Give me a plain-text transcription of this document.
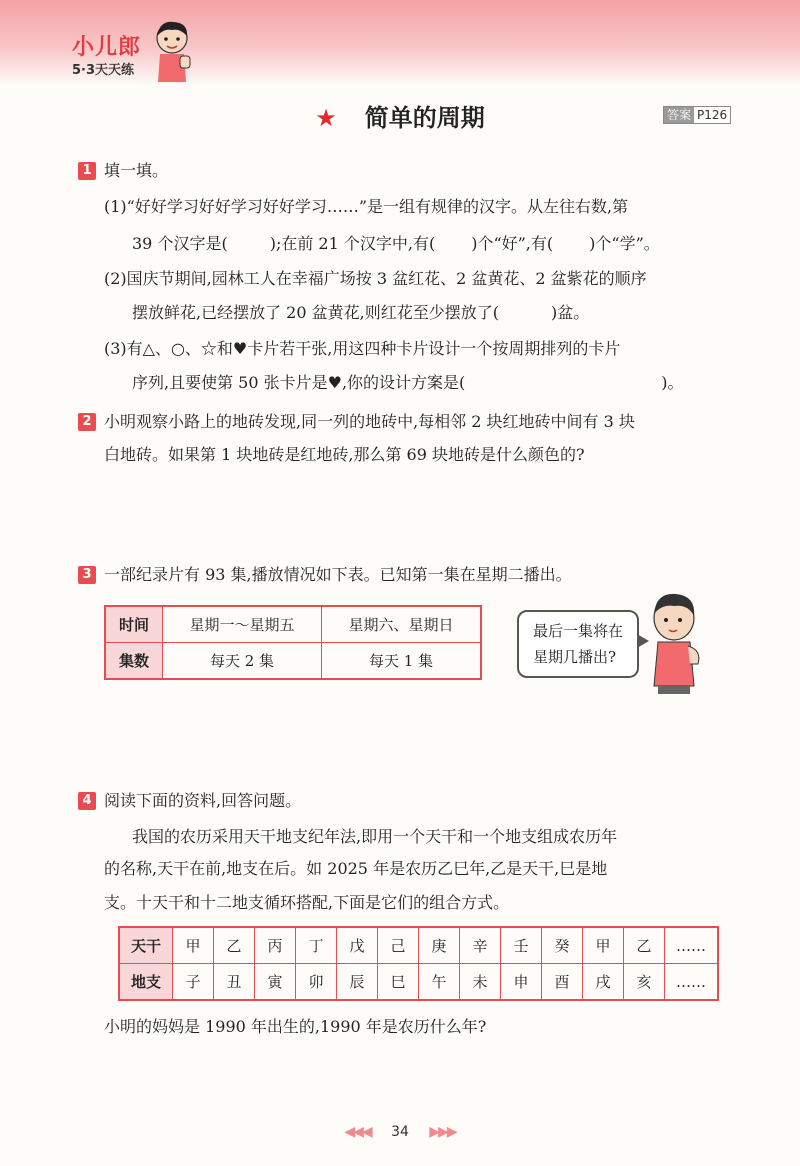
小儿郎
5·3天天练
★ 简单的周期	答案 P126
1 填一填。
(1)“好好学习好好学习好好学习……”是一组有规律的汉字。从左往右数,第
39 个汉字是(	);在前 21 个汉字中,有( )个“好”,有( )个“学”。
(2)国庆节期间,园林工人在幸福广场按 3 盆红花、2 盆黄花、2 盆紫花的顺序
摆放鲜花,已经摆放了 20 盆黄花,则红花至少摆放了(	)盆。
(3)有△、○、☆和♥卡片若干张,用这四种卡片设计一个按周期排列的卡片
序列,且要使第 50 张卡片是♥,你的设计方案是(	)。
2 小明观察小路上的地砖发现,同一列的地砖中,每相邻 2 块红地砖中间有 3 块
白地砖。如果第 1 块地砖是红地砖,那么第 69 块地砖是什么颜色的?
3 一部纪录片有 93 集,播放情况如下表。已知第一集在星期二播出。
时间	星期一～星期五	星期六、星期日
集数	每天 2 集	每天 1 集
最后一集将在
星期几播出?
4 阅读下面的资料,回答问题。
我国的农历采用天干地支纪年法,即用一个天干和一个地支组成农历年
的名称,天干在前,地支在后。如 2025 年是农历乙巳年,乙是天干,巳是地
支。十天干和十二地支循环搭配,下面是它们的组合方式。
天干	甲	乙	丙	丁	戊	己	庚	辛	壬	癸	甲	乙	……
地支	子	丑	寅	卯	辰	巳	午	未	申	酉	戌	亥	……
小明的妈妈是 1990 年出生的,1990 年是农历什么年?
◀◀◀ 34 ▶▶▶
